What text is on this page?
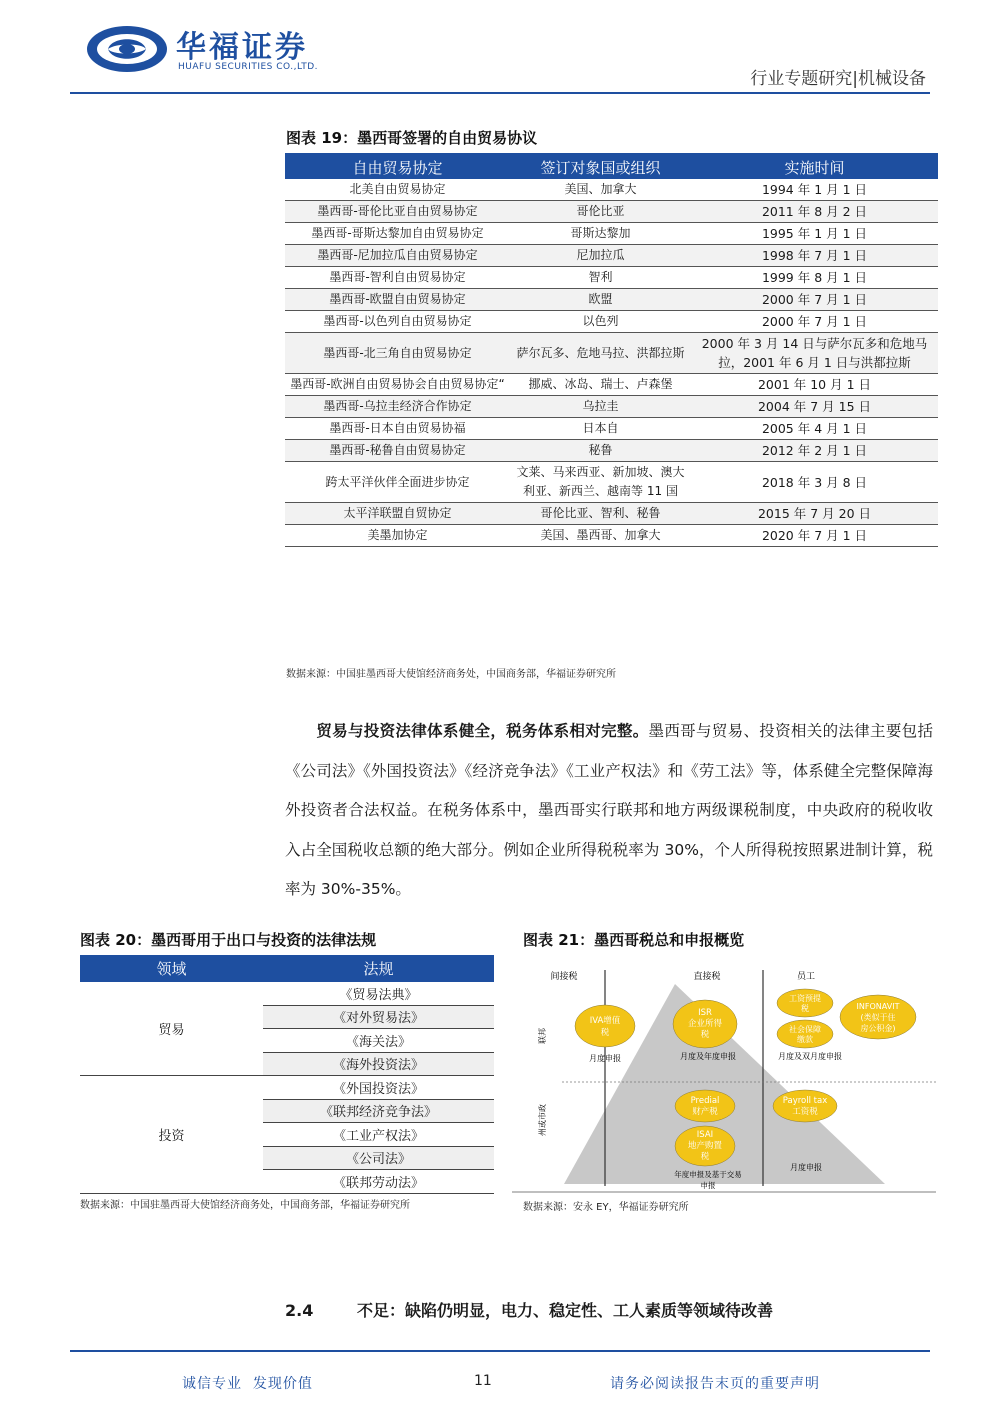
华福证券
HUAFU SECURITIES CO.,LTD.
行业专题研究|机械设备
图表 19：墨西哥签署的自由贸易协议
自由贸易协定	签订对象国或组织	实施时间
北美自由贸易协定	美国、加拿大	1994 年 1 月 1 日
墨西哥-哥伦比亚自由贸易协定	哥伦比亚	2011 年 8 月 2 日
墨西哥-哥斯达黎加自由贸易协定	哥斯达黎加	1995 年 1 月 1 日
墨西哥-尼加拉瓜自由贸易协定	尼加拉瓜	1998 年 7 月 1 日
墨西哥-智利自由贸易协定	智利	1999 年 8 月 1 日
墨西哥-欧盟自由贸易协定	欧盟	2000 年 7 月 1 日
墨西哥-以色列自由贸易协定	以色列	2000 年 7 月 1 日
墨西哥-北三角自由贸易协定	萨尔瓦多、危地马拉、洪都拉斯	2000 年 3 月 14 日与萨尔瓦多和危地马拉，2001 年 6 月 1 日与洪都拉斯
墨西哥-欧洲自由贸易协会自由贸易协定“	挪威、冰岛、瑞士、卢森堡	2001 年 10 月 1 日
墨西哥-乌拉圭经济合作协定	乌拉圭	2004 年 7 月 15 日
墨西哥-日本自由贸易协福	日本自	2005 年 4 月 1 日
墨西哥-秘鲁自由贸易协定	秘鲁	2012 年 2 月 1 日
跨太平洋伙伴全面进步协定	文莱、马来西亚、新加坡、澳大利亚、新西兰、越南等 11 国	2018 年 3 月 8 日
太平洋联盟自贸协定	哥伦比亚、智利、秘鲁	2015 年 7 月 20 日
美墨加协定	美国、墨西哥、加拿大	2020 年 7 月 1 日
数据来源：中国驻墨西哥大使馆经济商务处，中国商务部，华福证券研究所
贸易与投资法律体系健全，税务体系相对完整。墨西哥与贸易、投资相关的法律主要包括《公司法》《外国投资法》《经济竞争法》《工业产权法》和《劳工法》等，体系健全完整保障海外投资者合法权益。在税务体系中，墨西哥实行联邦和地方两级课税制度，中央政府的税收收入占全国税收总额的绝大部分。例如企业所得税税率为 30%，个人所得税按照累进制计算，税率为 30%-35%。
图表 20：墨西哥用于出口与投资的法律法规
领域	法规
贸易	《贸易法典》
	《对外贸易法》
	《海关法》
	《海外投资法》
投资	《外国投资法》
	《联邦经济竞争法》
	《工业产权法》
	《公司法》
	《联邦劳动法》
数据来源：中国驻墨西哥大使馆经济商务处，中国商务部，华福证券研究所
图表 21：墨西哥税总和申报概览
间接税	直接税	员工
联邦
州或市政
IVA增值
税
ISR
企业所得
税
工资预提
税
社会保障
缴款
INFONAVIT
(类似于住
房公积金)
Predial
财产税
Payroll tax
工资税
ISAI
地产购置
税
月度申报	月度及年度申报	月度及双月度申报
年度申报及基于交易
申报
月度申报
数据来源：安永 EY，华福证券研究所
2.4	不足：缺陷仍明显，电力、稳定性、工人素质等领域待改善
诚信专业  发现价值	11	请务必阅读报告末页的重要声明
